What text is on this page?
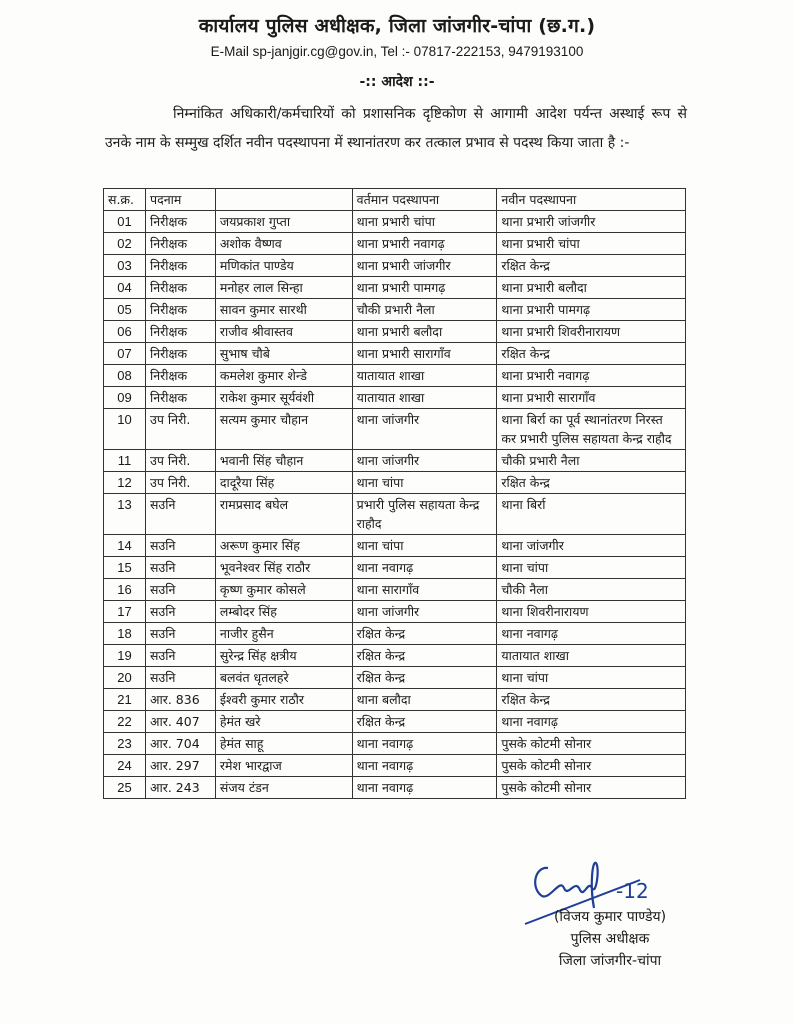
कार्यालय पुलिस अधीक्षक, जिला जांजगीर-चांपा (छ.ग.)
E-Mail sp-janjgir.cg@gov.in, Tel :- 07817-222153, 9479193100
-:: आदेश ::-
निम्नांकित अधिकारी/कर्मचारियों को प्रशासनिक दृष्टिकोण से आगामी आदेश पर्यन्त अस्थाई रूप से उनके नाम के सम्मुख दर्शित नवीन पदस्थापना में स्थानांतरण कर तत्काल प्रभाव से पदस्थ किया जाता है :-
स.क्र.	पदनाम		वर्तमान पदस्थापना	नवीन पदस्थापना
01	निरीक्षक	जयप्रकाश गुप्ता	थाना प्रभारी चांपा	थाना प्रभारी जांजगीर
02	निरीक्षक	अशोक वैष्णव	थाना प्रभारी नवागढ़	थाना प्रभारी चांपा
03	निरीक्षक	मणिकांत पाण्डेय	थाना प्रभारी जांजगीर	रक्षित केन्द्र
04	निरीक्षक	मनोहर लाल सिन्हा	थाना प्रभारी पामगढ़	थाना प्रभारी बलौदा
05	निरीक्षक	सावन कुमार सारथी	चौकी प्रभारी नैला	थाना प्रभारी पामगढ़
06	निरीक्षक	राजीव श्रीवास्तव	थाना प्रभारी बलौदा	थाना प्रभारी शिवरीनारायण
07	निरीक्षक	सुभाष चौबे	थाना प्रभारी सारागाँव	रक्षित केन्द्र
08	निरीक्षक	कमलेश कुमार शेन्डे	यातायात शाखा	थाना प्रभारी नवागढ़
09	निरीक्षक	राकेश कुमार सूर्यवंशी	यातायात शाखा	थाना प्रभारी सारागाँव
10	उप निरी.	सत्यम कुमार चौहान	थाना जांजगीर	थाना बिर्रा का पूर्व स्थानांतरण निरस्त कर प्रभारी पुलिस सहायता केन्द्र राहौद
11	उप निरी.	भवानी सिंह चौहान	थाना जांजगीर	चौकी प्रभारी नैला
12	उप निरी.	दादूरैया सिंह	थाना चांपा	रक्षित केन्द्र
13	सउनि	रामप्रसाद बघेल	प्रभारी पुलिस सहायता केन्द्र राहौद	थाना बिर्रा
14	सउनि	अरूण कुमार सिंह	थाना चांपा	थाना जांजगीर
15	सउनि	भूवनेश्वर सिंह राठौर	थाना नवागढ़	थाना चांपा
16	सउनि	कृष्ण कुमार कोसले	थाना सारागाँव	चौकी नैला
17	सउनि	लम्बोदर सिंह	थाना जांजगीर	थाना शिवरीनारायण
18	सउनि	नाजीर हुसैन	रक्षित केन्द्र	थाना नवागढ़
19	सउनि	सुरेन्द्र सिंह क्षत्रीय	रक्षित केन्द्र	यातायात शाखा
20	सउनि	बलवंत धृतलहरे	रक्षित केन्द्र	थाना चांपा
21	आर. 836	ईश्वरी कुमार राठौर	थाना बलौदा	रक्षित केन्द्र
22	आर. 407	हेमंत खरे	रक्षित केन्द्र	थाना नवागढ़
23	आर. 704	हेमंत साहू	थाना नवागढ़	पुसके कोटमी सोनार
24	आर. 297	रमेश भारद्वाज	थाना नवागढ़	पुसके कोटमी सोनार
25	आर. 243	संजय टंडन	थाना नवागढ़	पुसके कोटमी सोनार
-12
(विजय कुमार पाण्डेय)
पुलिस अधीक्षक
जिला जांजगीर-चांपा
